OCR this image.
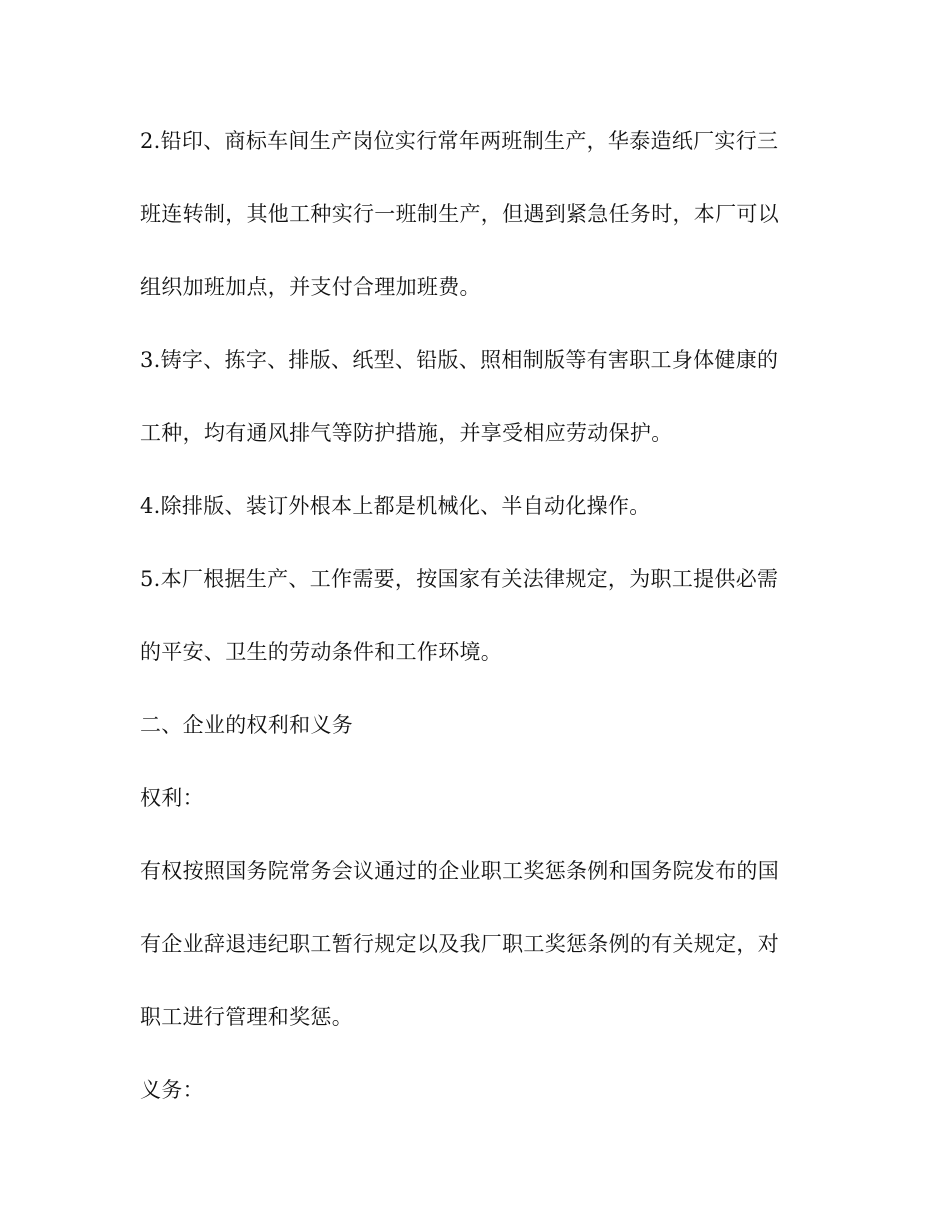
2.铅印、商标车间生产岗位实行常年两班制生产，华泰造纸厂实行三
班连转制，其他工种实行一班制生产，但遇到紧急任务时，本厂可以
组织加班加点，并支付合理加班费。
3.铸字、拣字、排版、纸型、铅版、照相制版等有害职工身体健康的
工种，均有通风排气等防护措施，并享受相应劳动保护。
4.除排版、装订外根本上都是机械化、半自动化操作。
5.本厂根据生产、工作需要，按国家有关法律规定，为职工提供必需
的平安、卫生的劳动条件和工作环境。
二、企业的权利和义务
权利：
有权按照国务院常务会议通过的企业职工奖惩条例和国务院发布的国
有企业辞退违纪职工暂行规定以及我厂职工奖惩条例的有关规定，对
职工进行管理和奖惩。
义务：
